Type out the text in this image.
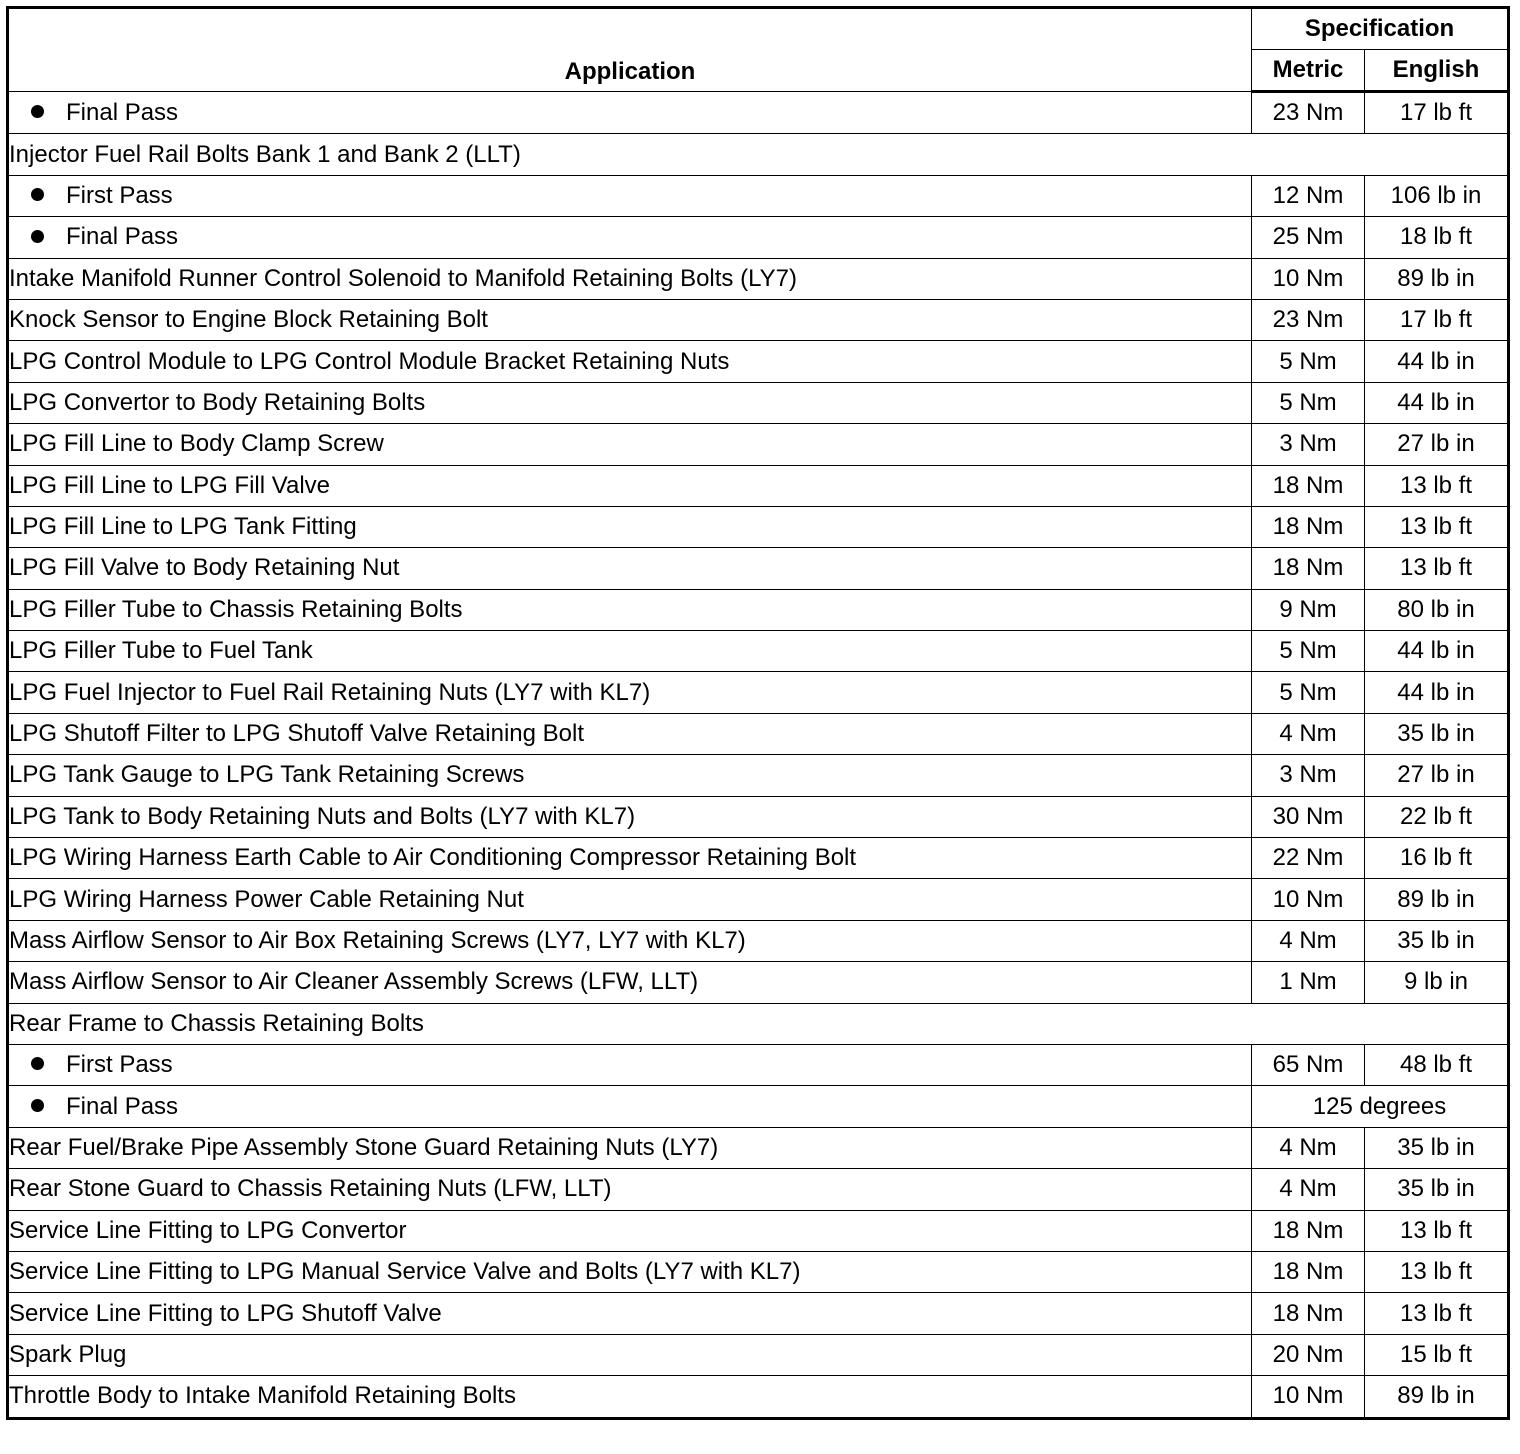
Application	Specification	
	Metric	English
Final Pass	23 Nm	17 lb ft
Injector Fuel Rail Bolts Bank 1 and Bank 2 (LLT)		
First Pass	12 Nm	106 lb in
Final Pass	25 Nm	18 lb ft
Intake Manifold Runner Control Solenoid to Manifold Retaining Bolts (LY7)	10 Nm	89 lb in
Knock Sensor to Engine Block Retaining Bolt	23 Nm	17 lb ft
LPG Control Module to LPG Control Module Bracket Retaining Nuts	5 Nm	44 lb in
LPG Convertor to Body Retaining Bolts	5 Nm	44 lb in
LPG Fill Line to Body Clamp Screw	3 Nm	27 lb in
LPG Fill Line to LPG Fill Valve	18 Nm	13 lb ft
LPG Fill Line to LPG Tank Fitting	18 Nm	13 lb ft
LPG Fill Valve to Body Retaining Nut	18 Nm	13 lb ft
LPG Filler Tube to Chassis Retaining Bolts	9 Nm	80 lb in
LPG Filler Tube to Fuel Tank	5 Nm	44 lb in
LPG Fuel Injector to Fuel Rail Retaining Nuts (LY7 with KL7)	5 Nm	44 lb in
LPG Shutoff Filter to LPG Shutoff Valve Retaining Bolt	4 Nm	35 lb in
LPG Tank Gauge to LPG Tank Retaining Screws	3 Nm	27 lb in
LPG Tank to Body Retaining Nuts and Bolts (LY7 with KL7)	30 Nm	22 lb ft
LPG Wiring Harness Earth Cable to Air Conditioning Compressor Retaining Bolt	22 Nm	16 lb ft
LPG Wiring Harness Power Cable Retaining Nut	10 Nm	89 lb in
Mass Airflow Sensor to Air Box Retaining Screws (LY7, LY7 with KL7)	4 Nm	35 lb in
Mass Airflow Sensor to Air Cleaner Assembly Screws (LFW, LLT)	1 Nm	9 lb in
Rear Frame to Chassis Retaining Bolts		
First Pass	65 Nm	48 lb ft
Final Pass	125 degrees	
Rear Fuel/Brake Pipe Assembly Stone Guard Retaining Nuts (LY7)	4 Nm	35 lb in
Rear Stone Guard to Chassis Retaining Nuts (LFW, LLT)	4 Nm	35 lb in
Service Line Fitting to LPG Convertor	18 Nm	13 lb ft
Service Line Fitting to LPG Manual Service Valve and Bolts (LY7 with KL7)	18 Nm	13 lb ft
Service Line Fitting to LPG Shutoff Valve	18 Nm	13 lb ft
Spark Plug	20 Nm	15 lb ft
Throttle Body to Intake Manifold Retaining Bolts	10 Nm	89 lb in
